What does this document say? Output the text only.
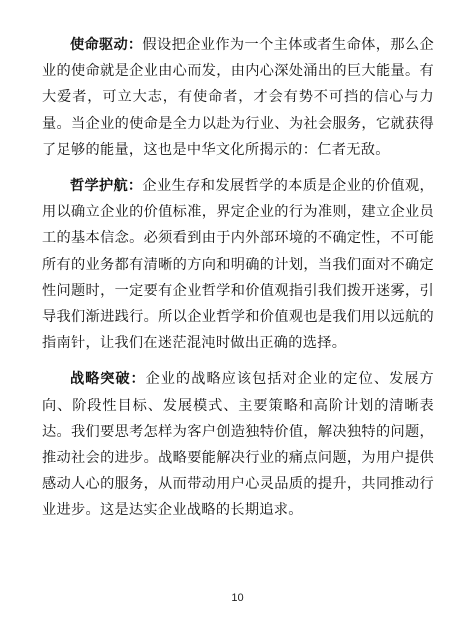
使命驱动：假设把企业作为一个主体或者生命体，那么企业的使命就是企业由心而发，由内心深处涌出的巨大能量。有大爱者，可立大志，有使命者，才会有势不可挡的信心与力量。当企业的使命是全力以赴为行业、为社会服务，它就获得了足够的能量，这也是中华文化所揭示的：仁者无敌。

哲学护航：企业生存和发展哲学的本质是企业的价值观，用以确立企业的价值标准，界定企业的行为准则，建立企业员工的基本信念。必须看到由于内外部环境的不确定性，不可能所有的业务都有清晰的方向和明确的计划，当我们面对不确定性问题时，一定要有企业哲学和价值观指引我们拨开迷雾，引导我们渐进践行。所以企业哲学和价值观也是我们用以远航的指南针，让我们在迷茫混沌时做出正确的选择。

战略突破：企业的战略应该包括对企业的定位、发展方向、阶段性目标、发展模式、主要策略和高阶计划的清晰表达。我们要思考怎样为客户创造独特价值，解决独特的问题，推动社会的进步。战略要能解决行业的痛点问题，为用户提供感动人心的服务，从而带动用户心灵品质的提升，共同推动行业进步。这是达实企业战略的长期追求。

10
